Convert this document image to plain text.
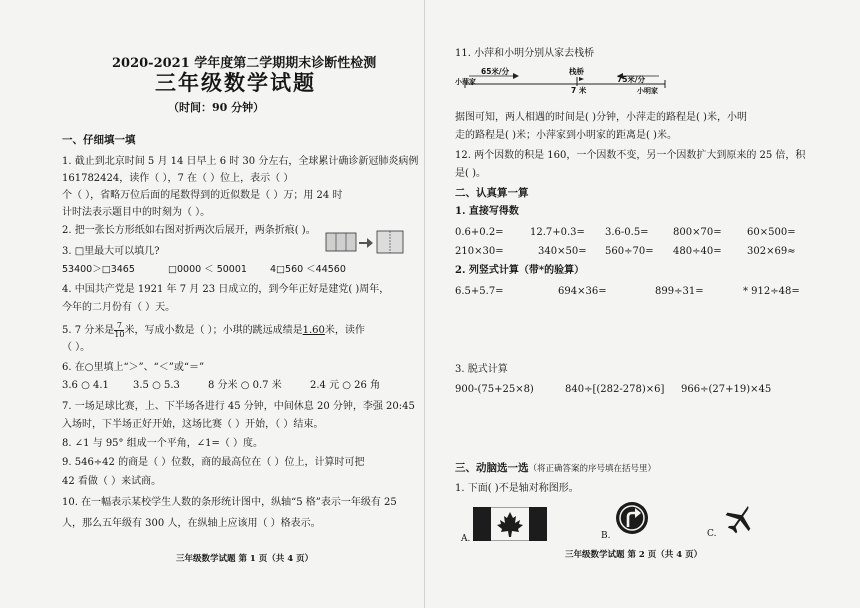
2020-2021 学年度第二学期期末诊断性检测
三年级数学试题
（时间：90 分钟）
一、仔细填一填
1. 截止到北京时间 5 月 14 日早上 6 时 30 分左右，全球累计确诊新冠肺炎病例
161782424，读作（ ），7 在（ ）位上，表示（ ）
个（ ），省略万位后面的尾数得到的近似数是（ ）万；用 24 时
计时法表示题目中的时刻为（ ）。
2. 把一张长方形纸如右图对折两次后展开，两条折痕( )。
3. □里最大可以填几?
53400＞□3465	□0000 ＜ 50001 4□560 ＜44560
4. 中国共产党是 1921 年 7 月 23 日成立的，到今年正好是建党( )周年，
今年的二月份有（ ）天。
5. 7 分米是 $\frac{7}{10}$ 米，写成小数是（ ）；小琪的跳远成绩是1.60米，读作
（ ）。
6. 在○里填上“＞”、“＜”或“＝”
3.6 ○ 4.1 3.5 ○ 5.3	8 分米 ○ 0.7 米	2.4 元 ○ 26 角
7. 一场足球比赛，上、下半场各进行 45 分钟，中间休息 20 分钟，李强 20:45
入场时，下半场正好开始，这场比赛（ ）开始，（ ）结束。
8. ∠1 与 95° 组成一个平角，∠1=（ ）度。
9. 546÷42 的商是（ ）位数，商的最高位在（ ）位上，计算时可把
42 看做（ ）来试商。
10. 在一幅表示某校学生人数的条形统计图中，纵轴“5 格”表示一年级有 25
人，那么五年级有 300 人，在纵轴上应该用（ ）格表示。
三年级数学试题 第 1 页（共 4 页）
11. 小萍和小明分别从家去栈桥
65米/分	栈桥
75米/分
小萍家
小明家
7 米
据图可知，两人相遇的时间是( )分钟，小萍走的路程是( )米，小明
走的路程是( )米；小萍家到小明家的距离是( )米。
12. 两个因数的积是 160，一个因数不变，另一个因数扩大到原来的 25 倍，积
是( )。
二、认真算一算
1. 直接写得数
0.6+0.2=	12.7+0.3= 3.6-0.5= 800×70=	60×500=
210×30=	340×50= 560÷70= 480÷40=	302×69≈
2. 列竖式计算（带*的验算）
6.5+5.7=	694×36=	899÷31=	* 912÷48=
3. 脱式计算
900-(75+25×8)	840÷[(282-278)×6] 966÷(27+19)×45
三、动脑选一选（将正确答案的序号填在括号里）
1. 下面( )不是轴对称图形。
A.	B.	C.
三年级数学试题 第 2 页（共 4 页）
